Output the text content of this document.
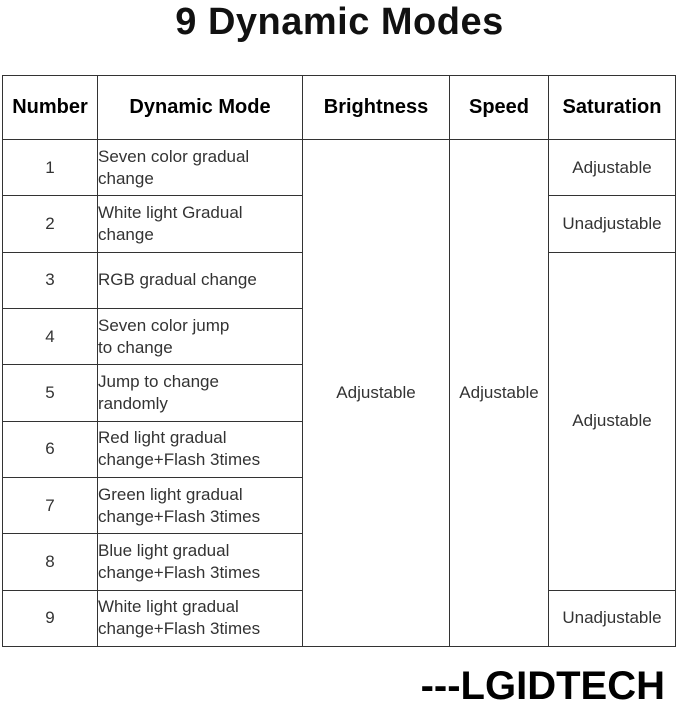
9 Dynamic Modes
Number	Dynamic Mode	Brightness	Speed	Saturation
1	Seven color gradual
change	Adjustable	Adjustable	Adjustable
2	White light Gradual
change			Unadjustable
3	RGB gradual change			Adjustable
4	Seven color jump
to change			
5	Jump to change
randomly			
6	Red light gradual
change+Flash 3times			
7	Green light gradual
change+Flash 3times			
8	Blue light gradual
change+Flash 3times			
9	White light gradual
change+Flash 3times			Unadjustable
---LGIDTECH
